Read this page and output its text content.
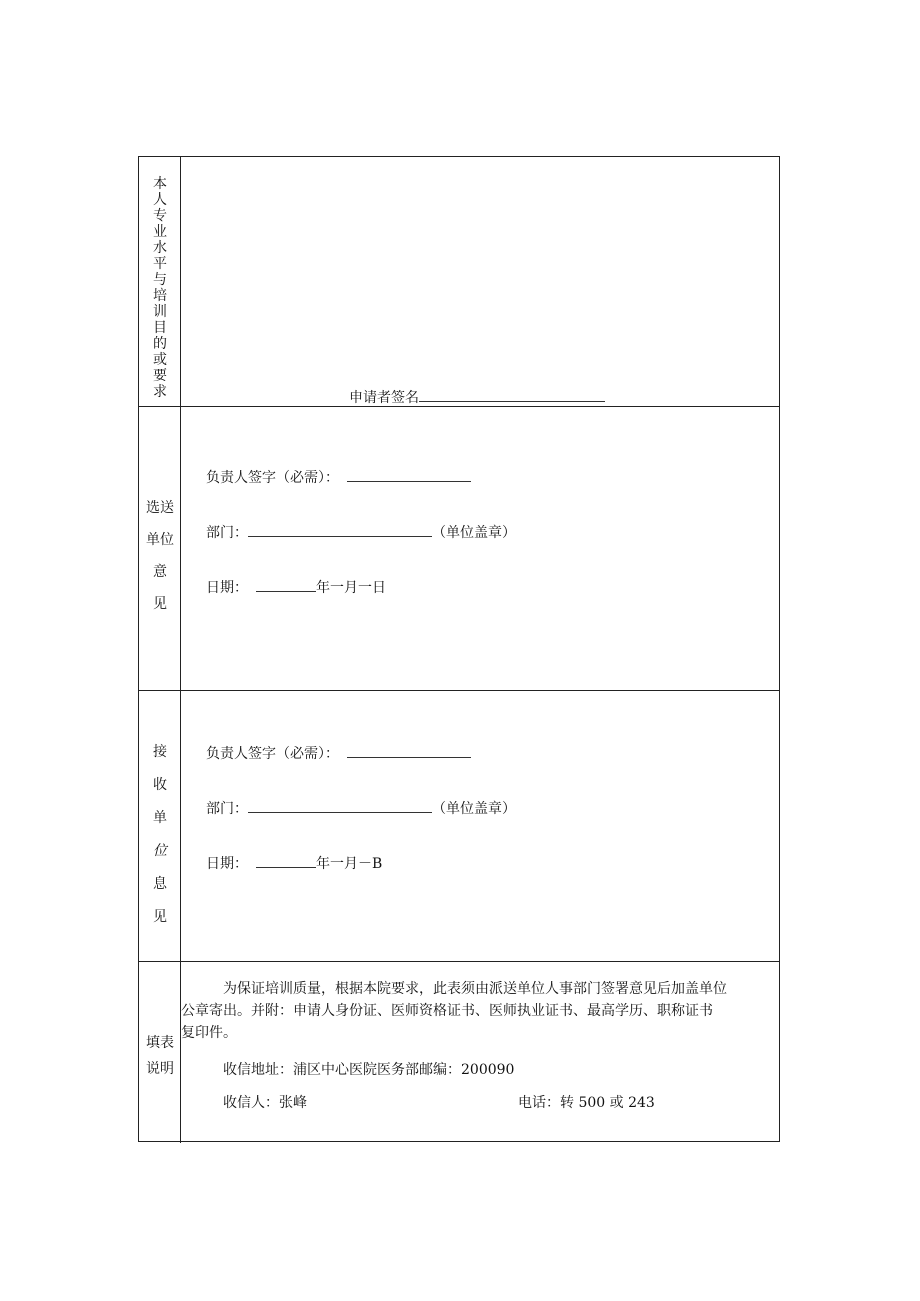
本
人
专
业
水
平
与
培
训
目
的
或
要
求	申请者签名
选送
单位
意
见
负责人签字（必需）：
部门：	（单位盖章）
日期：	年一月一日
接
收
单
位
息
见
负责人签字（必需）：
部门：	（单位盖章）
日期：	年一月－B
填表
说明
为保证培训质量，根据本院要求，此表须由派送单位人事部门签署意见后加盖单位
公章寄出。并附：申请人身份证、医师资格证书、医师执业证书、最高学历、职称证书
复印件。
收信地址：浦区中心医院医务部邮编：200090
收信人：张峰	电话：转 500 或 243
